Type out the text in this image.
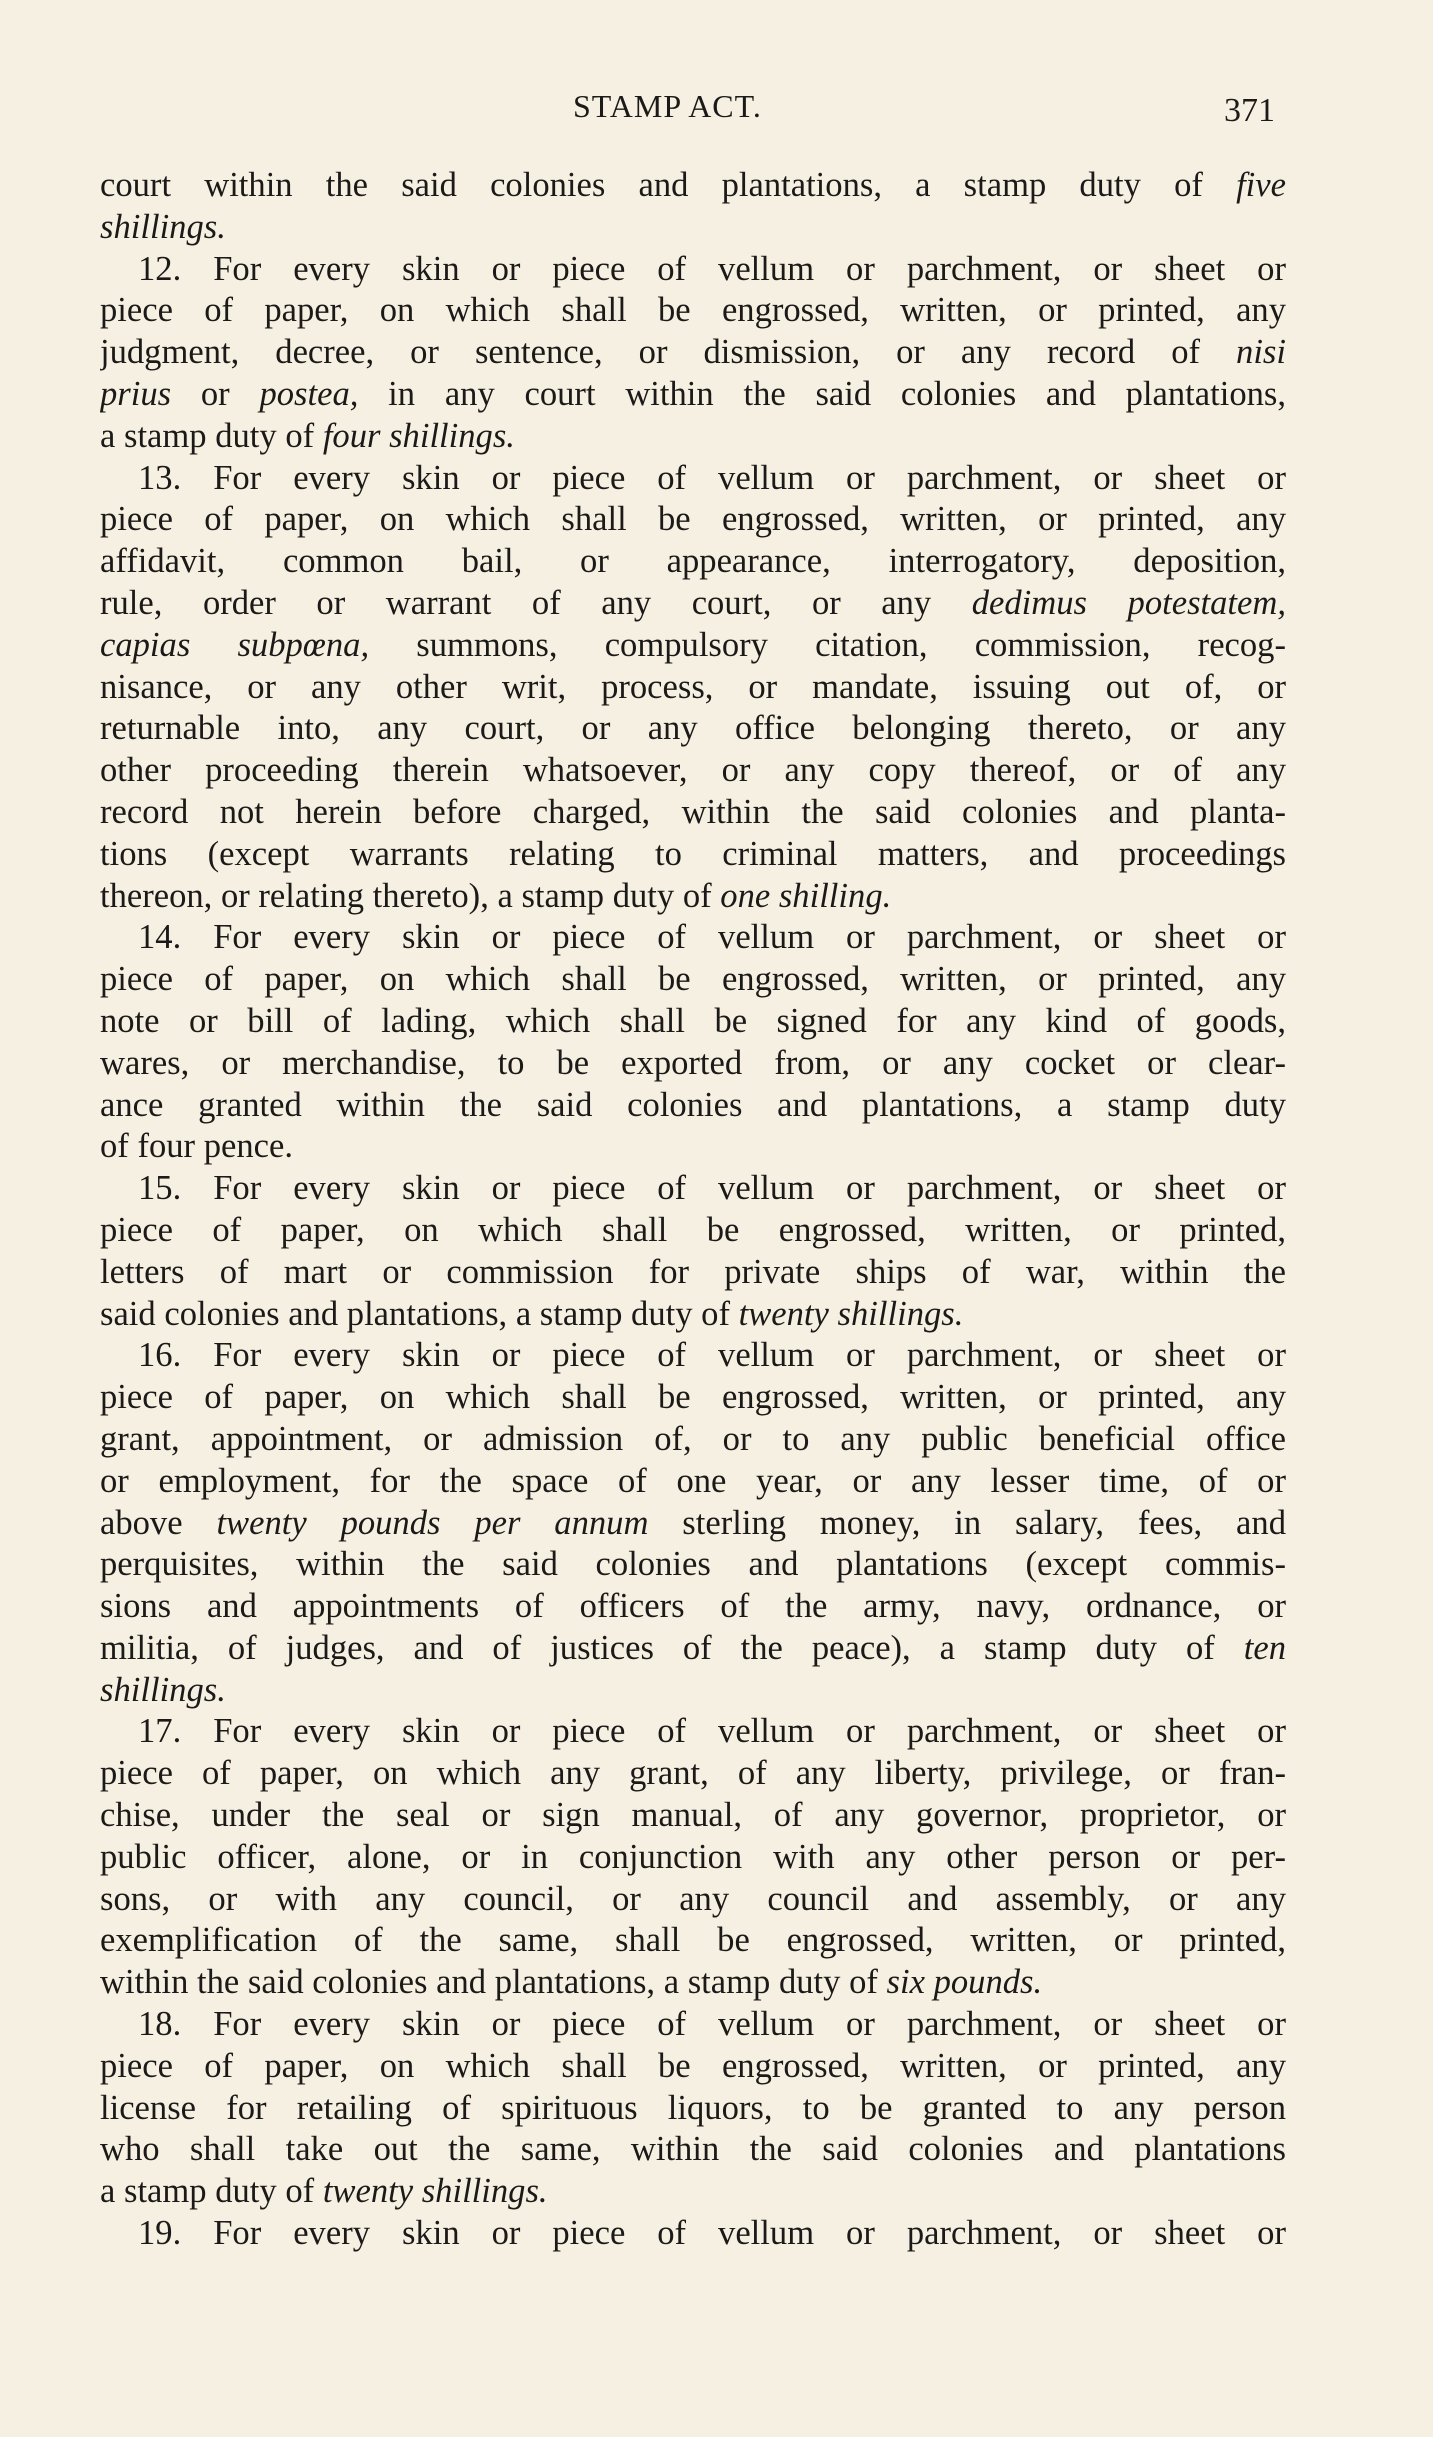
STAMP ACT.	371
court within the said colonies and plantations, a stamp duty of five
shillings.
12. For every skin or piece of vellum or parchment, or sheet or
piece of paper, on which shall be engrossed, written, or printed, any
judgment, decree, or sentence, or dismission, or any record of nisi
prius or postea, in any court within the said colonies and plantations,
a stamp duty of four shillings.
13. For every skin or piece of vellum or parchment, or sheet or
piece of paper, on which shall be engrossed, written, or printed, any
affidavit, common bail, or appearance, interrogatory, deposition,
rule, order or warrant of any court, or any dedimus potestatem,
capias subpœna, summons, compulsory citation, commission, recog-
nisance, or any other writ, process, or mandate, issuing out of, or
returnable into, any court, or any office belonging thereto, or any
other proceeding therein whatsoever, or any copy thereof, or of any
record not herein before charged, within the said colonies and planta-
tions (except warrants relating to criminal matters, and proceedings
thereon, or relating thereto), a stamp duty of one shilling.
14. For every skin or piece of vellum or parchment, or sheet or
piece of paper, on which shall be engrossed, written, or printed, any
note or bill of lading, which shall be signed for any kind of goods,
wares, or merchandise, to be exported from, or any cocket or clear-
ance granted within the said colonies and plantations, a stamp duty
of four pence.
15. For every skin or piece of vellum or parchment, or sheet or
piece of paper, on which shall be engrossed, written, or printed,
letters of mart or commission for private ships of war, within the
said colonies and plantations, a stamp duty of twenty shillings.
16. For every skin or piece of vellum or parchment, or sheet or
piece of paper, on which shall be engrossed, written, or printed, any
grant, appointment, or admission of, or to any public beneficial office
or employment, for the space of one year, or any lesser time, of or
above twenty pounds per annum sterling money, in salary, fees, and
perquisites, within the said colonies and plantations (except commis-
sions and appointments of officers of the army, navy, ordnance, or
militia, of judges, and of justices of the peace), a stamp duty of ten
shillings.
17. For every skin or piece of vellum or parchment, or sheet or
piece of paper, on which any grant, of any liberty, privilege, or fran-
chise, under the seal or sign manual, of any governor, proprietor, or
public officer, alone, or in conjunction with any other person or per-
sons, or with any council, or any council and assembly, or any
exemplification of the same, shall be engrossed, written, or printed,
within the said colonies and plantations, a stamp duty of six pounds.
18. For every skin or piece of vellum or parchment, or sheet or
piece of paper, on which shall be engrossed, written, or printed, any
license for retailing of spirituous liquors, to be granted to any person
who shall take out the same, within the said colonies and plantations
a stamp duty of twenty shillings.
19. For every skin or piece of vellum or parchment, or sheet or
